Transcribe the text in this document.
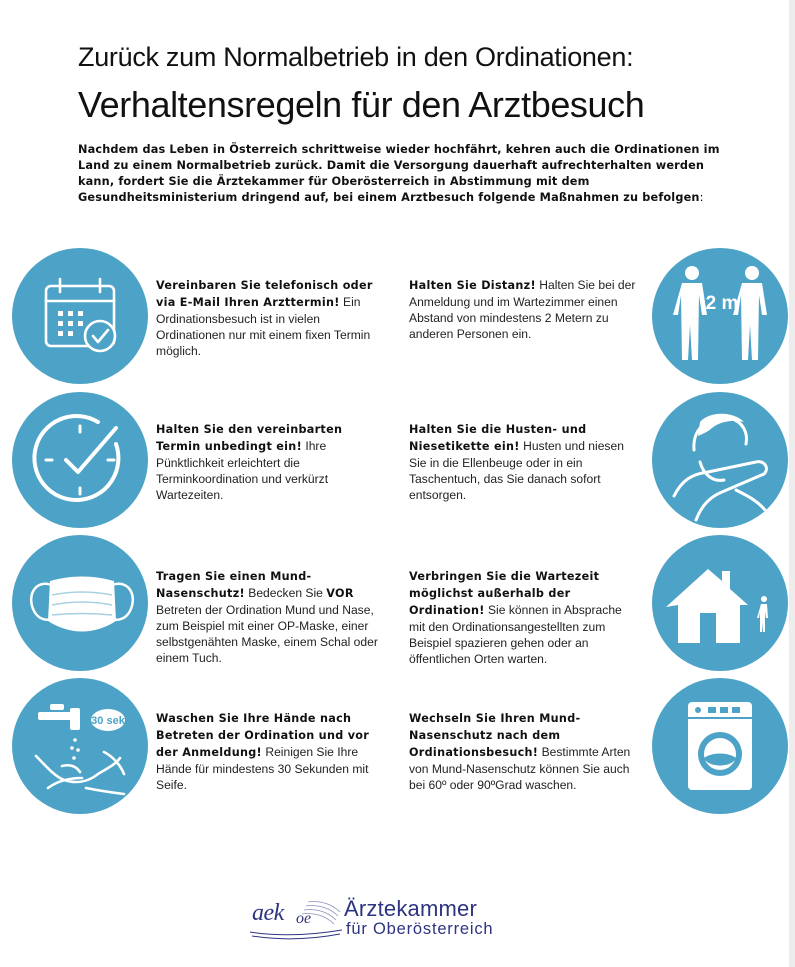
Zurück zum Normalbetrieb in den Ordinationen:
Verhaltensregeln für den Arztbesuch
Nachdem das Leben in Österreich schrittweise wieder hochfährt, kehren auch die Ordinationen im Land zu einem Normalbetrieb zurück. Damit die Versorgung dauerhaft aufrechterhalten werden kann, fordert Sie die Ärztekammer für Oberösterreich in Abstimmung mit dem Gesundheitsministerium dringend auf, bei einem Arztbesuch folgende Maßnahmen zu befolgen:
Vereinbaren Sie telefonisch oder via E-Mail Ihren Arzttermin! Ein Ordinationsbesuch ist in vielen Ordinationen nur mit einem fixen Termin möglich.
Halten Sie Distanz! Halten Sie bei der Anmeldung und im Wartezimmer einen Abstand von mindestens 2 Metern zu anderen Personen ein.
2 m
Halten Sie den vereinbarten Termin unbedingt ein! Ihre Pünktlichkeit erleichtert die Terminkoordination und verkürzt Wartezeiten.
Halten Sie die Husten- und Niesetikette ein! Husten und niesen Sie in die Ellenbeuge oder in ein Taschentuch, das Sie danach sofort entsorgen.
Tragen Sie einen Mund-Nasenschutz! Bedecken Sie VOR Betreten der Ordination Mund und Nase, zum Beispiel mit einer OP-Maske, einer selbstgenähten Maske, einem Schal oder einem Tuch.
Verbringen Sie die Wartezeit möglichst außerhalb der Ordination! Sie können in Absprache mit den Ordinationsangestellten zum Beispiel spazieren gehen oder an öffentlichen Orten warten.
30 sek	Waschen Sie Ihre Hände nach Betreten der Ordination und vor der Anmeldung! Reinigen Sie Ihre Hände für mindestens 30 Sekunden mit Seife.
Wechseln Sie Ihren Mund-Nasenschutz nach dem Ordinationsbesuch! Bestimmte Arten von Mund-Nasenschutz können Sie auch bei 60º oder 90ºGrad waschen.
aek oe Ärztekammer
für Oberösterreich
